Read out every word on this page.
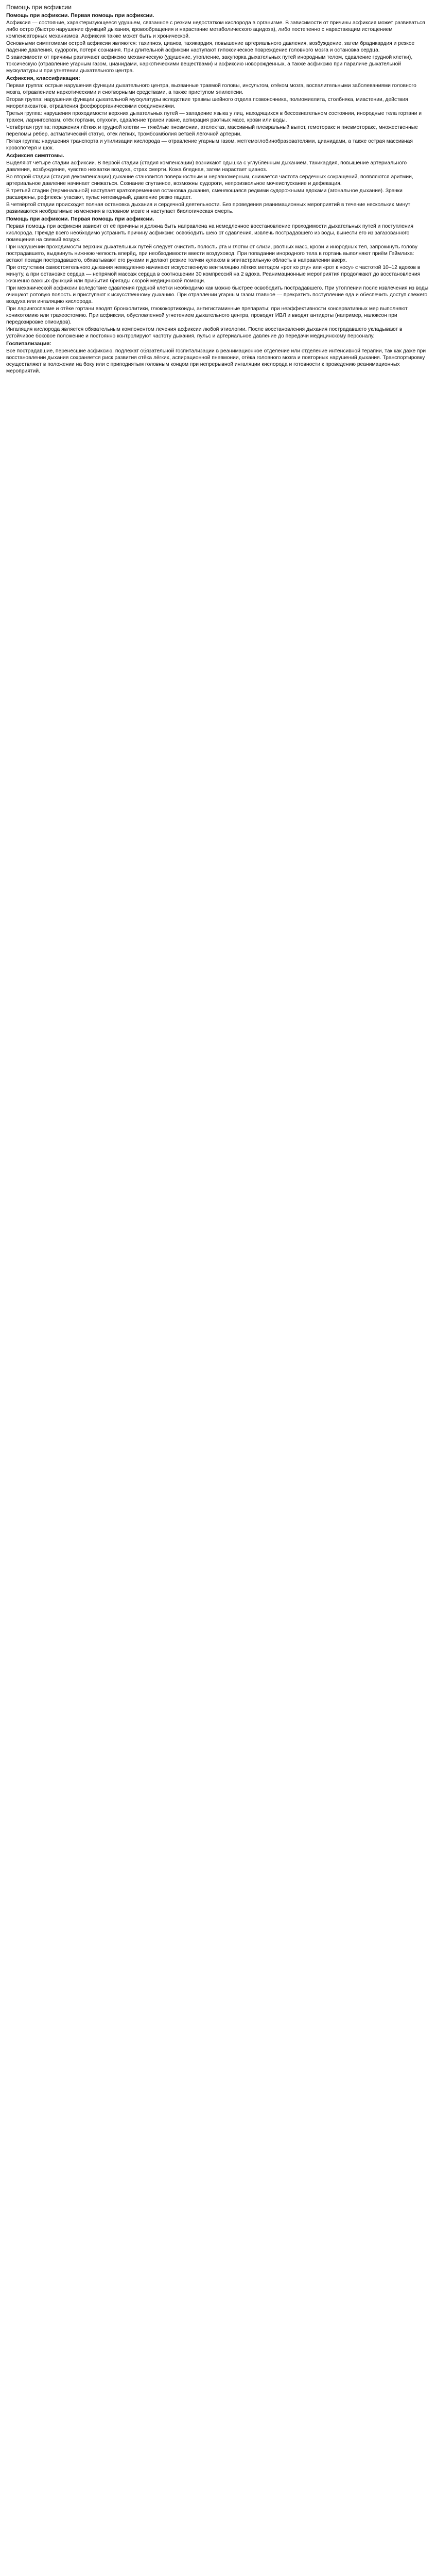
Помощь при асфиксии
Помощь при асфиксии. Первая помощь при асфиксии.

Асфиксия — состояние, характеризующееся удушьем, связанное с резким недостатком кислорода в организме. В зависимости от причины асфиксия может развиваться либо остро (быстро нарушение функций дыхания, кровообращения и нарастание метаболического ацидоза), либо постепенно с нарастающим истощением компенсаторных механизмов. Асфиксия также может быть и хронической.

Основными симптомами острой асфиксии являются: тахипноэ, цианоз, тахикардия, повышение артериального давления, возбуждение, затем брадикардия и резкое падение давления, судороги, потеря сознания. При длительной асфиксии наступают гипоксическое повреждение головного мозга и остановка сердца.

В зависимости от причины различают асфиксию механическую (удушение, утопление, закупорка дыхательных путей инородным телом, сдавление грудной клетки), токсическую (отравление угарным газом, цианидами, наркотическими веществами) и асфиксию новорождённых, а также асфиксию при параличе дыхательной мускулатуры и при угнетении дыхательного центра.

Асфиксия, классификация:

Первая группа: острые нарушения функции дыхательного центра, вызванные травмой головы, инсультом, отёком мозга, воспалительными заболеваниями головного мозга, отравлением наркотическими и снотворными средствами, а также приступом эпилепсии.

Вторая группа: нарушения функции дыхательной мускулатуры вследствие травмы шейного отдела позвоночника, полиомиелита, столбняка, миастении, действия миорелаксантов, отравления фосфорорганическими соединениями.

Третья группа: нарушения проходимости верхних дыхательных путей — западение языка у лиц, находящихся в бессознательном состоянии, инородные тела гортани и трахеи, ларингоспазм, отёк гортани, опухоли, сдавление трахеи извне, аспирация рвотных масс, крови или воды.

Четвёртая группа: поражения лёгких и грудной клетки — тяжёлые пневмонии, ателектаз, массивный плевральный выпот, гемоторакс и пневмоторакс, множественные переломы рёбер, астматический статус, отёк лёгких, тромбоэмболия ветвей лёгочной артерии.

Пятая группа: нарушения транспорта и утилизации кислорода — отравление угарным газом, метгемоглобинобразователями, цианидами, а также острая массивная кровопотеря и шок.

Асфиксия симптомы.

Выделяют четыре стадии асфиксии. В первой стадии (стадия компенсации) возникают одышка с углублённым дыханием, тахикардия, повышение артериального давления, возбуждение, чувство нехватки воздуха, страх смерти. Кожа бледная, затем нарастает цианоз.

Во второй стадии (стадия декомпенсации) дыхание становится поверхностным и неравномерным, снижается частота сердечных сокращений, появляются аритмии, артериальное давление начинает снижаться. Сознание спутанное, возможны судороги, непроизвольное мочеиспускание и дефекация.

В третьей стадии (терминальной) наступает кратковременная остановка дыхания, сменяющаяся редкими судорожными вдохами (агональное дыхание). Зрачки расширены, рефлексы угасают, пульс нитевидный, давление резко падает.

В четвёртой стадии происходит полная остановка дыхания и сердечной деятельности. Без проведения реанимационных мероприятий в течение нескольких минут развиваются необратимые изменения в головном мозге и наступает биологическая смерть.

Помощь при асфиксии. Первая помощь при асфиксии.

Первая помощь при асфиксии зависит от её причины и должна быть направлена на немедленное восстановление проходимости дыхательных путей и поступления кислорода. Прежде всего необходимо устранить причину асфиксии: освободить шею от сдавления, извлечь пострадавшего из воды, вынести его из загазованного помещения на свежий воздух.

При нарушении проходимости верхних дыхательных путей следует очистить полость рта и глотки от слизи, рвотных масс, крови и инородных тел, запрокинуть голову пострадавшего, выдвинуть нижнюю челюсть вперёд, при необходимости ввести воздуховод. При попадании инородного тела в гортань выполняют приём Геймлиха: встают позади пострадавшего, обхватывают его руками и делают резкие толчки кулаком в эпигастральную область в направлении вверх.

При отсутствии самостоятельного дыхания немедленно начинают искусственную вентиляцию лёгких методом «рот ко рту» или «рот к носу» с частотой 10–12 вдохов в минуту, а при остановке сердца — непрямой массаж сердца в соотношении 30 компрессий на 2 вдоха. Реанимационные мероприятия продолжают до восстановления жизненно важных функций или прибытия бригады скорой медицинской помощи.

При механической асфиксии вследствие сдавления грудной клетки необходимо как можно быстрее освободить пострадавшего. При утоплении после извлечения из воды очищают ротовую полость и приступают к искусственному дыханию. При отравлении угарным газом главное — прекратить поступление яда и обеспечить доступ свежего воздуха или ингаляцию кислорода.

При ларингоспазме и отёке гортани вводят бронхолитики, глюкокортикоиды, антигистаминные препараты; при неэффективности консервативных мер выполняют коникотомию или трахеостомию. При асфиксии, обусловленной угнетением дыхательного центра, проводят ИВЛ и вводят антидоты (например, налоксон при передозировке опиоидов).

Ингаляция кислорода является обязательным компонентом лечения асфиксии любой этиологии. После восстановления дыхания пострадавшего укладывают в устойчивое боковое положение и постоянно контролируют частоту дыхания, пульс и артериальное давление до передачи медицинскому персоналу.

Госпитализация:

Все пострадавшие, перенёсшие асфиксию, подлежат обязательной госпитализации в реанимационное отделение или отделение интенсивной терапии, так как даже при восстановлении дыхания сохраняется риск развития отёка лёгких, аспирационной пневмонии, отёка головного мозга и повторных нарушений дыхания. Транспортировку осуществляют в положении на боку или с приподнятым головным концом при непрерывной ингаляции кислорода и готовности к проведению реанимационных мероприятий.
